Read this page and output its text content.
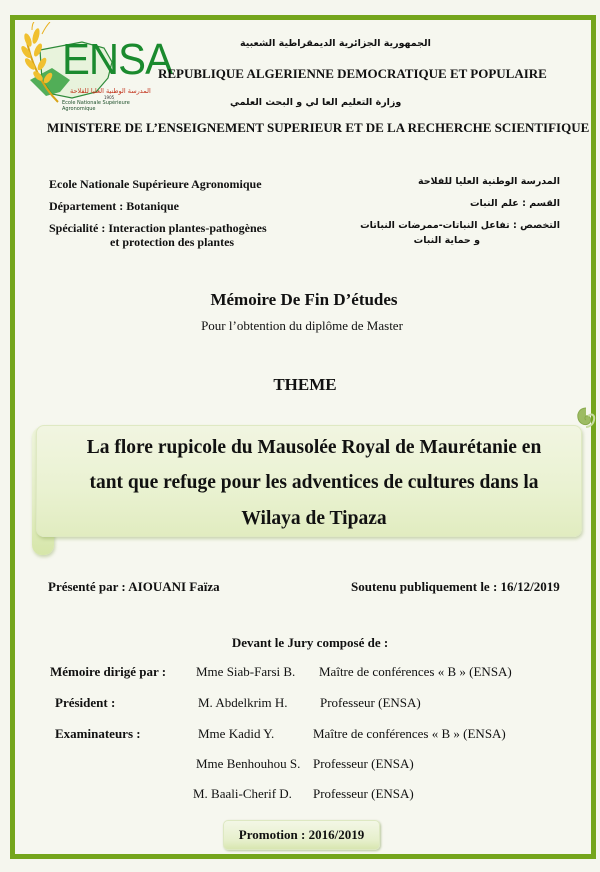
ENSA
المدرسة الوطنية العليا للفلاحة
1905
Ecole Nationale Supérieure Agronomique
الجمهورية الجزائرية الديمقراطية الشعبية
REPUBLIQUE ALGERIENNE DEMOCRATIQUE ET POPULAIRE
وزارة التعليم العا لي و البحث العلمي
MINISTERE DE L’ENSEIGNEMENT SUPERIEUR ET DE LA RECHERCHE SCIENTIFIQUE
Ecole Nationale Supérieure Agronomique
Département : Botanique
Spécialité : Interaction plantes-pathogènes
et protection des plantes
المدرسة الوطنية العليا للفلاحة
القسم : علم النبات
التخصص : تفاعل النباتات-ممرضات النباتات
و حماية النبات
Mémoire De Fin D’études
Pour l’obtention du diplôme de Master
THEME
La flore rupicole du Mausolée Royal de Maurétanie en
tant que refuge pour les adventices de cultures dans la
Wilaya de Tipaza
Présenté par : AIOUANI Faïza	Soutenu publiquement le : 16/12/2019
Devant le Jury composé de :
Mémoire dirigé par : Mme Siab-Farsi B. Maître de conférences « B » (ENSA)
Président :	M. Abdelkrim H. Professeur (ENSA)
Examinateurs :	Mme Kadid Y.	Maître de conférences « B » (ENSA)
Mme Benhouhou S. Professeur (ENSA)
M. Baali-Cherif D. Professeur (ENSA)
Promotion : 2016/2019
